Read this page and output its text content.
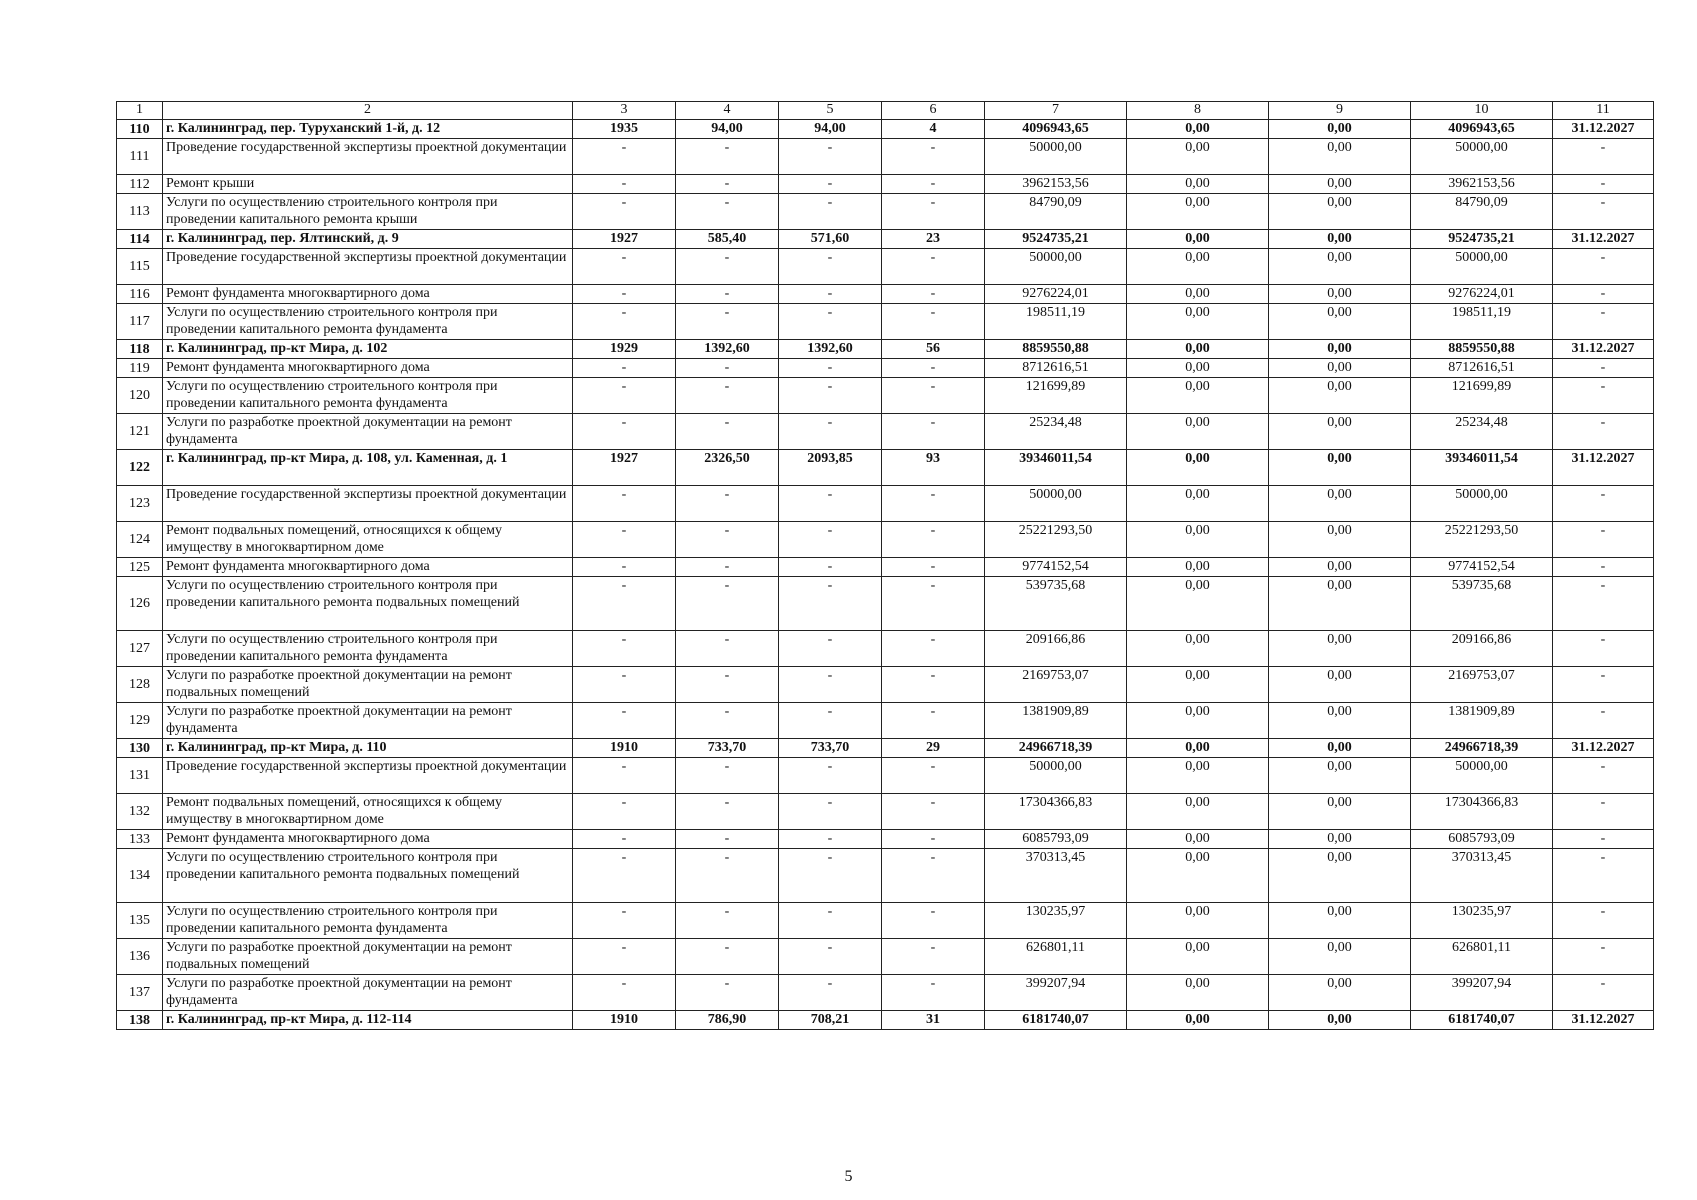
1	2	3	4	5	6	7	8	9	10	11
110	г. Калининград, пер. Туруханский 1-й, д. 12	1935	94,00	94,00	4	4096943,65	0,00	0,00	4096943,65	31.12.2027
111	Проведение государственной экспертизы проектной документации	-	-	-	-	50000,00	0,00	0,00	50000,00	-
112	Ремонт крыши	-	-	-	-	3962153,56	0,00	0,00	3962153,56	-
113	Услуги по осуществлению строительного контроля при проведении капитального ремонта крыши	-	-	-	-	84790,09	0,00	0,00	84790,09	-
114	г. Калининград, пер. Ялтинский, д. 9	1927	585,40	571,60	23	9524735,21	0,00	0,00	9524735,21	31.12.2027
115	Проведение государственной экспертизы проектной документации	-	-	-	-	50000,00	0,00	0,00	50000,00	-
116	Ремонт фундамента многоквартирного дома	-	-	-	-	9276224,01	0,00	0,00	9276224,01	-
117	Услуги по осуществлению строительного контроля при проведении капитального ремонта фундамента	-	-	-	-	198511,19	0,00	0,00	198511,19	-
118	г. Калининград, пр-кт Мира, д. 102	1929	1392,60	1392,60	56	8859550,88	0,00	0,00	8859550,88	31.12.2027
119	Ремонт фундамента многоквартирного дома	-	-	-	-	8712616,51	0,00	0,00	8712616,51	-
120	Услуги по осуществлению строительного контроля при проведении капитального ремонта фундамента	-	-	-	-	121699,89	0,00	0,00	121699,89	-
121	Услуги по разработке проектной документации на ремонт фундамента	-	-	-	-	25234,48	0,00	0,00	25234,48	-
122	г. Калининград, пр-кт Мира, д. 108, ул. Каменная, д. 1	1927	2326,50	2093,85	93	39346011,54	0,00	0,00	39346011,54	31.12.2027
123	Проведение государственной экспертизы проектной документации	-	-	-	-	50000,00	0,00	0,00	50000,00	-
124	Ремонт подвальных помещений, относящихся к общему имуществу в многоквартирном доме	-	-	-	-	25221293,50	0,00	0,00	25221293,50	-
125	Ремонт фундамента многоквартирного дома	-	-	-	-	9774152,54	0,00	0,00	9774152,54	-
126	Услуги по осуществлению строительного контроля при проведении капитального ремонта подвальных помещений	-	-	-	-	539735,68	0,00	0,00	539735,68	-
127	Услуги по осуществлению строительного контроля при проведении капитального ремонта фундамента	-	-	-	-	209166,86	0,00	0,00	209166,86	-
128	Услуги по разработке проектной документации на ремонт подвальных помещений	-	-	-	-	2169753,07	0,00	0,00	2169753,07	-
129	Услуги по разработке проектной документации на ремонт фундамента	-	-	-	-	1381909,89	0,00	0,00	1381909,89	-
130	г. Калининград, пр-кт Мира, д. 110	1910	733,70	733,70	29	24966718,39	0,00	0,00	24966718,39	31.12.2027
131	Проведение государственной экспертизы проектной документации	-	-	-	-	50000,00	0,00	0,00	50000,00	-
132	Ремонт подвальных помещений, относящихся к общему имуществу в многоквартирном доме	-	-	-	-	17304366,83	0,00	0,00	17304366,83	-
133	Ремонт фундамента многоквартирного дома	-	-	-	-	6085793,09	0,00	0,00	6085793,09	-
134	Услуги по осуществлению строительного контроля при проведении капитального ремонта подвальных помещений	-	-	-	-	370313,45	0,00	0,00	370313,45	-
135	Услуги по осуществлению строительного контроля при проведении капитального ремонта фундамента	-	-	-	-	130235,97	0,00	0,00	130235,97	-
136	Услуги по разработке проектной документации на ремонт подвальных помещений	-	-	-	-	626801,11	0,00	0,00	626801,11	-
137	Услуги по разработке проектной документации на ремонт фундамента	-	-	-	-	399207,94	0,00	0,00	399207,94	-
138	г. Калининград, пр-кт Мира, д. 112-114	1910	786,90	708,21	31	6181740,07	0,00	0,00	6181740,07	31.12.2027
5
